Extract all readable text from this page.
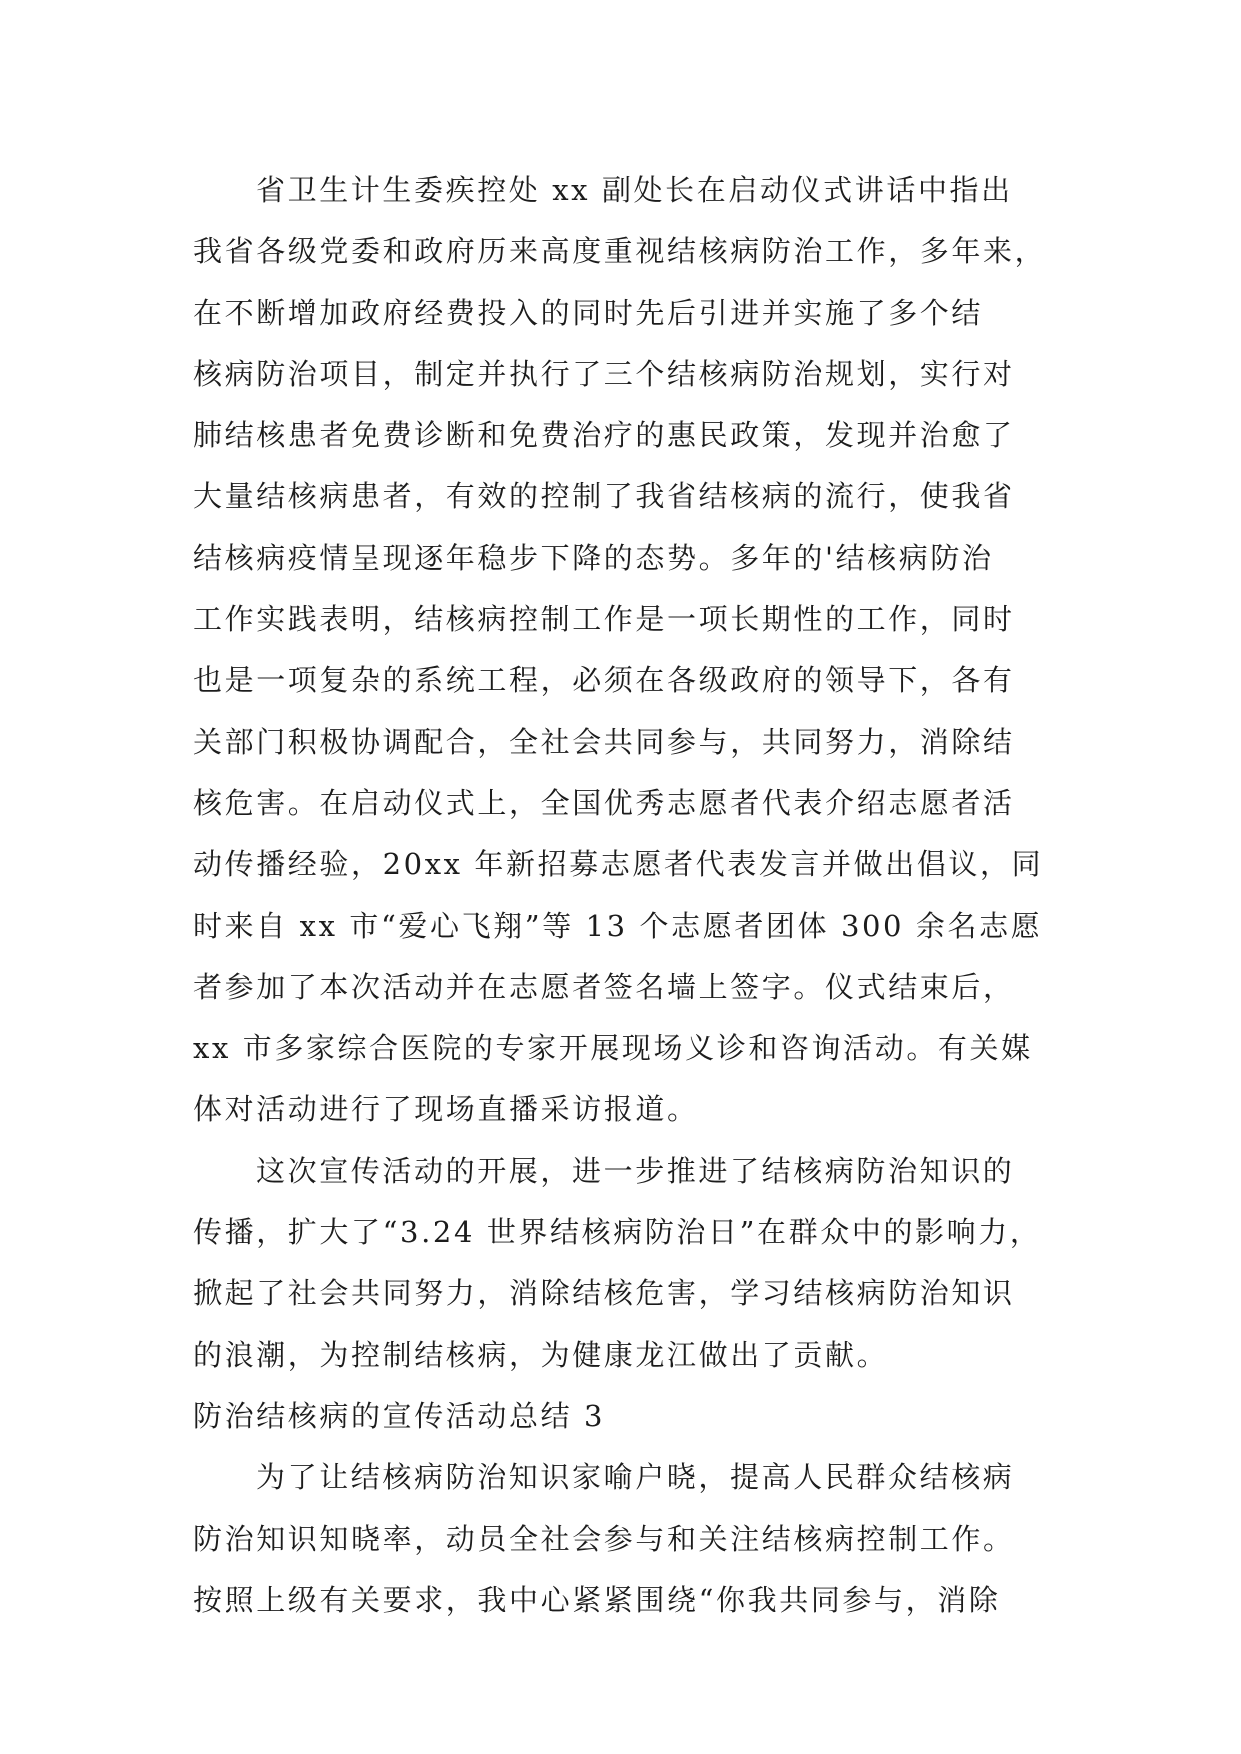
省卫生计生委疾控处 xx 副处长在启动仪式讲话中指出
我省各级党委和政府历来高度重视结核病防治工作，多年来，
在不断增加政府经费投入的同时先后引进并实施了多个结
核病防治项目，制定并执行了三个结核病防治规划，实行对
肺结核患者免费诊断和免费治疗的惠民政策，发现并治愈了
大量结核病患者，有效的控制了我省结核病的流行，使我省
结核病疫情呈现逐年稳步下降的态势。多年的'结核病防治
工作实践表明，结核病控制工作是一项长期性的工作，同时
也是一项复杂的系统工程，必须在各级政府的领导下，各有
关部门积极协调配合，全社会共同参与，共同努力，消除结
核危害。在启动仪式上，全国优秀志愿者代表介绍志愿者活
动传播经验，20xx 年新招募志愿者代表发言并做出倡议，同
时来自 xx 市“爱心飞翔”等 13 个志愿者团体 300 余名志愿
者参加了本次活动并在志愿者签名墙上签字。仪式结束后，
xx 市多家综合医院的专家开展现场义诊和咨询活动。有关媒
体对活动进行了现场直播采访报道。
这次宣传活动的开展，进一步推进了结核病防治知识的
传播，扩大了“3.24 世界结核病防治日”在群众中的影响力，
掀起了社会共同努力，消除结核危害，学习结核病防治知识
的浪潮，为控制结核病，为健康龙江做出了贡献。
防治结核病的宣传活动总结 3
为了让结核病防治知识家喻户晓，提高人民群众结核病
防治知识知晓率，动员全社会参与和关注结核病控制工作。
按照上级有关要求，我中心紧紧围绕“你我共同参与，消除
